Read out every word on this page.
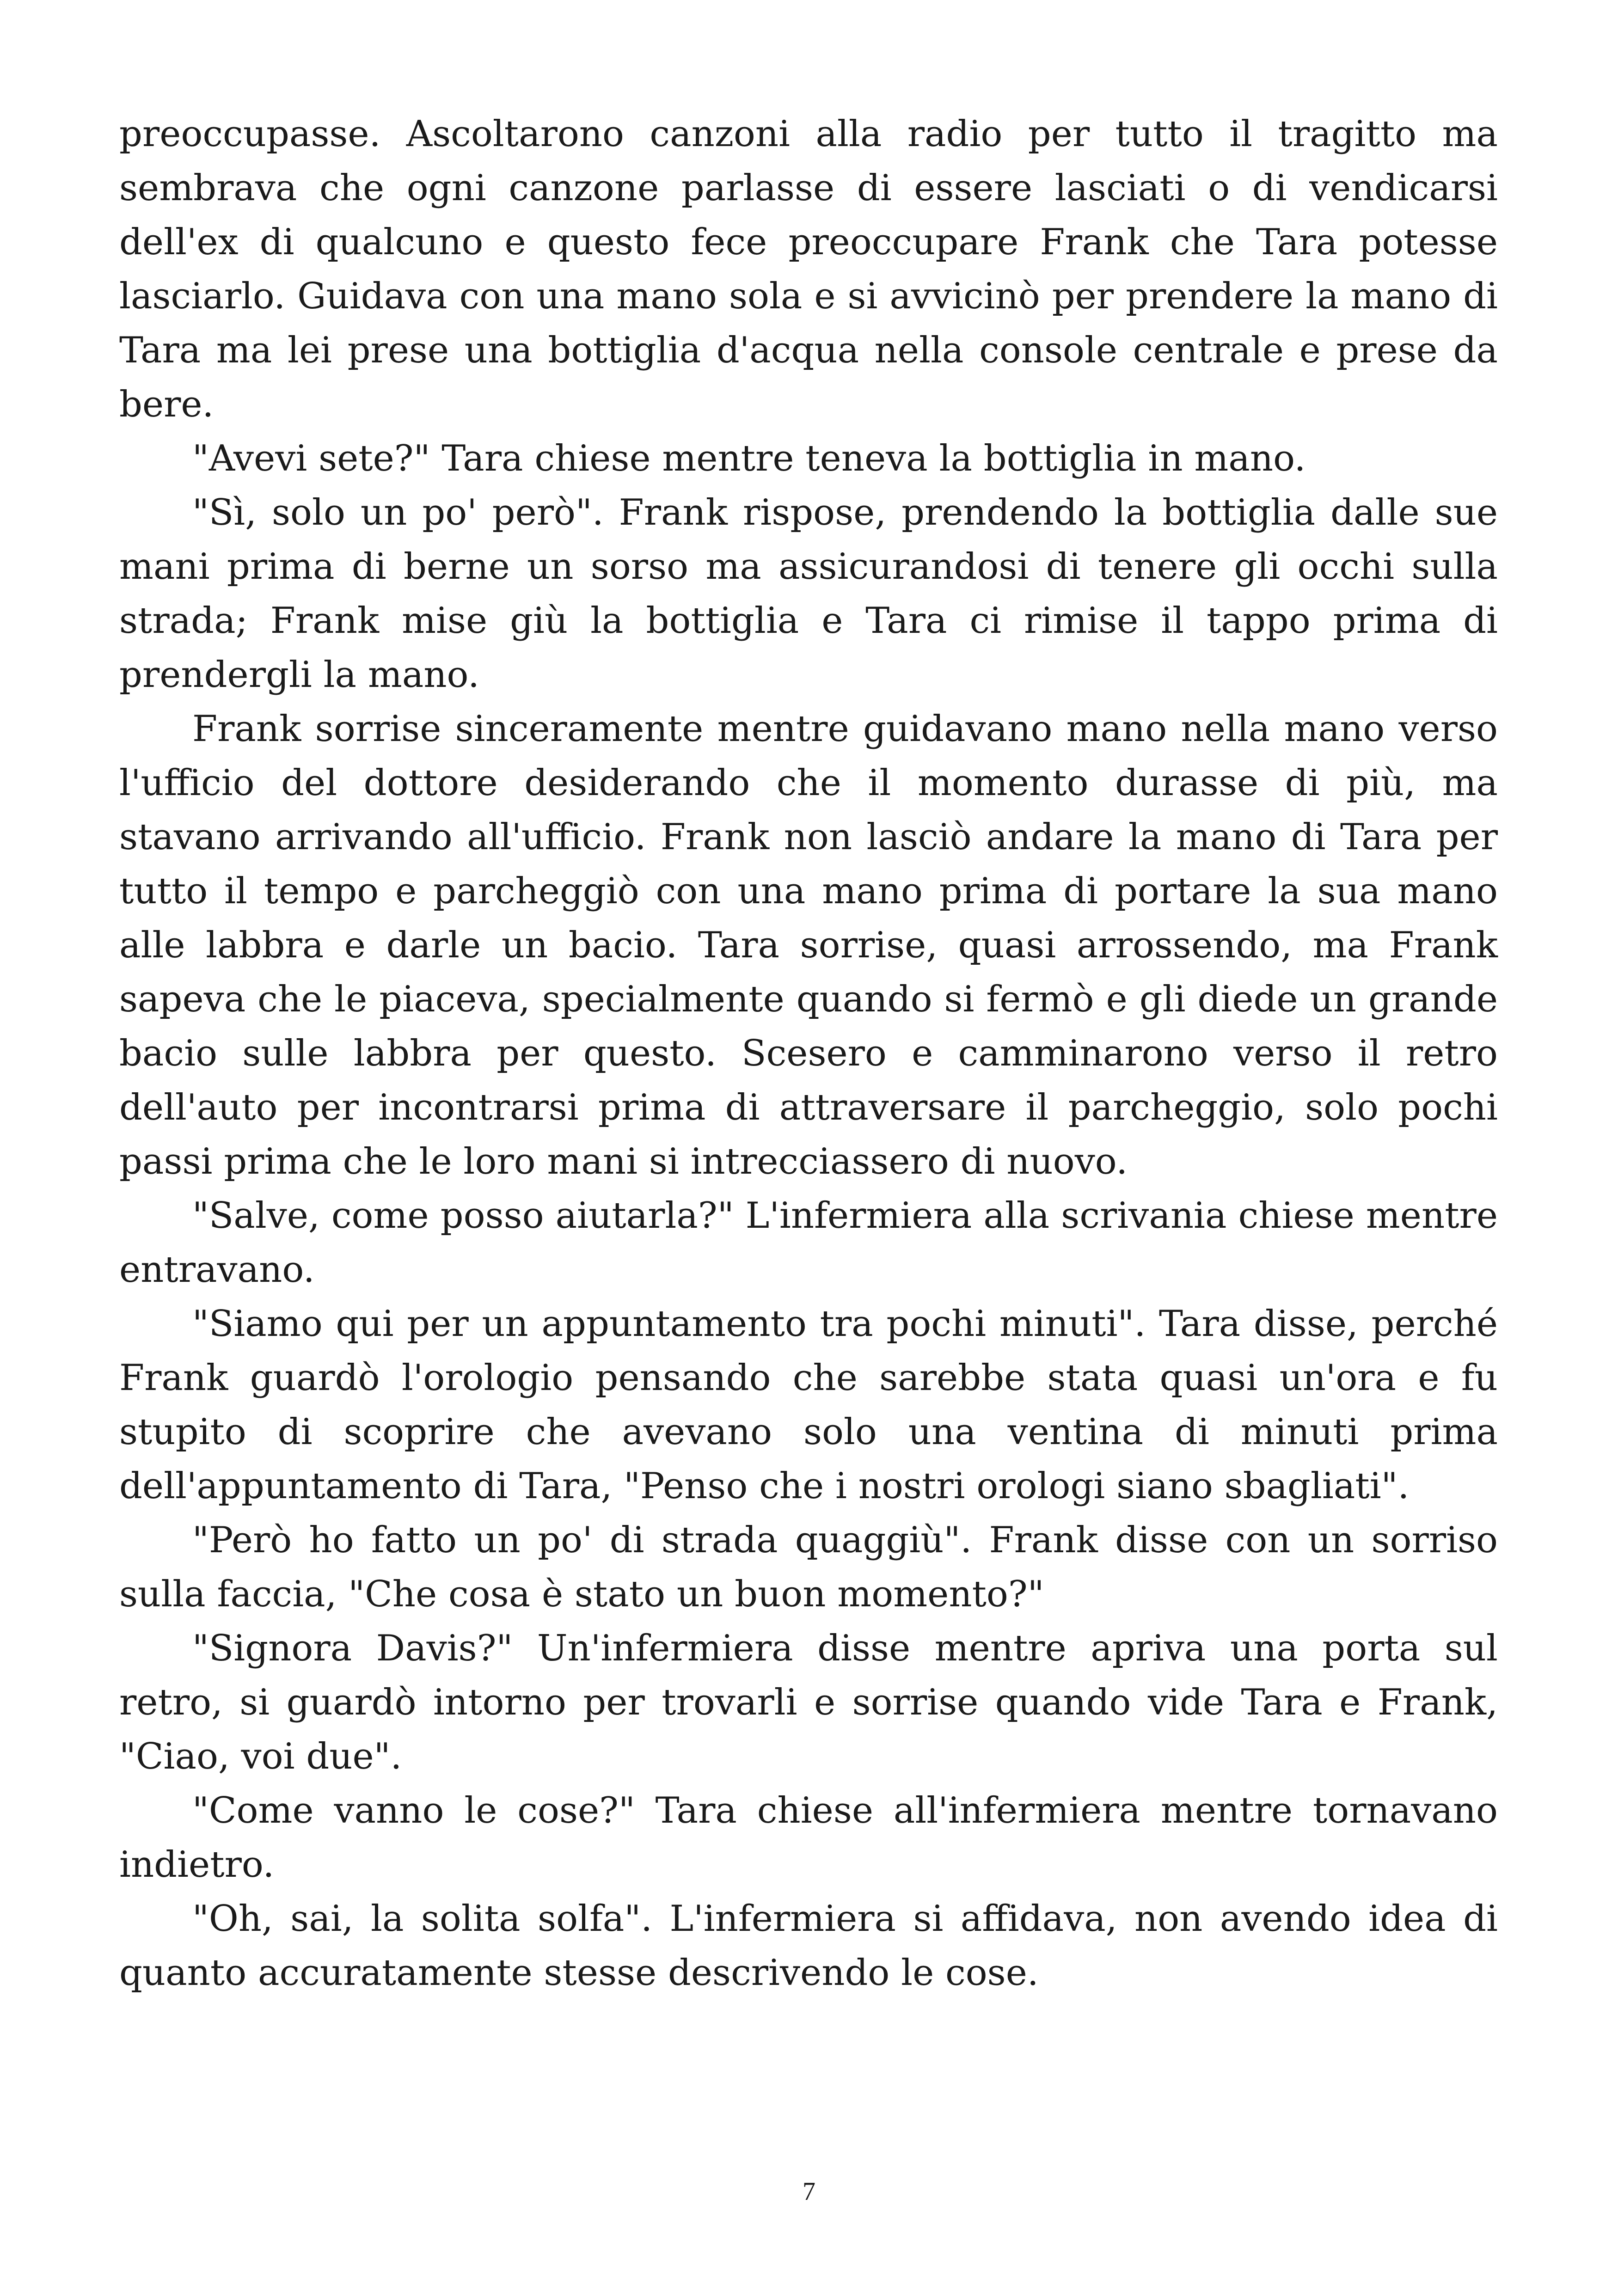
preoccupasse. Ascoltarono canzoni alla radio per tutto il tragitto ma sembrava che ogni canzone parlasse di essere lasciati o di vendicarsi dell'ex di qualcuno e questo fece preoccupare Frank che Tara potesse lasciarlo. Guidava con una mano sola e si avvicinò per prendere la mano di Tara ma lei prese una bottiglia d'acqua nella console centrale e prese da bere.

"Avevi sete?" Tara chiese mentre teneva la bottiglia in mano.

"Sì, solo un po' però". Frank rispose, prendendo la bottiglia dalle sue mani prima di berne un sorso ma assicurandosi di tenere gli occhi sulla strada; Frank mise giù la bottiglia e Tara ci rimise il tappo prima di prendergli la mano.

Frank sorrise sinceramente mentre guidavano mano nella mano verso l'ufficio del dottore desiderando che il momento durasse di più, ma stavano arrivando all'ufficio. Frank non lasciò andare la mano di Tara per tutto il tempo e parcheggiò con una mano prima di portare la sua mano alle labbra e darle un bacio. Tara sorrise, quasi arrossendo, ma Frank sapeva che le piaceva, specialmente quando si fermò e gli diede un grande bacio sulle labbra per questo. Scesero e camminarono verso il retro dell'auto per incontrarsi prima di attraversare il parcheggio, solo pochi passi prima che le loro mani si intrecciassero di nuovo.

"Salve, come posso aiutarla?" L'infermiera alla scrivania chiese mentre entravano.

"Siamo qui per un appuntamento tra pochi minuti". Tara disse, perché Frank guardò l'orologio pensando che sarebbe stata quasi un'ora e fu stupito di scoprire che avevano solo una ventina di minuti prima dell'appuntamento di Tara, "Penso che i nostri orologi siano sbagliati".

"Però ho fatto un po' di strada quaggiù". Frank disse con un sorriso sulla faccia, "Che cosa è stato un buon momento?"

"Signora Davis?" Un'infermiera disse mentre apriva una porta sul retro, si guardò intorno per trovarli e sorrise quando vide Tara e Frank, "Ciao, voi due".

"Come vanno le cose?" Tara chiese all'infermiera mentre tornavano indietro.

"Oh, sai, la solita solfa". L'infermiera si affidava, non avendo idea di quanto accuratamente stesse descrivendo le cose.

7
